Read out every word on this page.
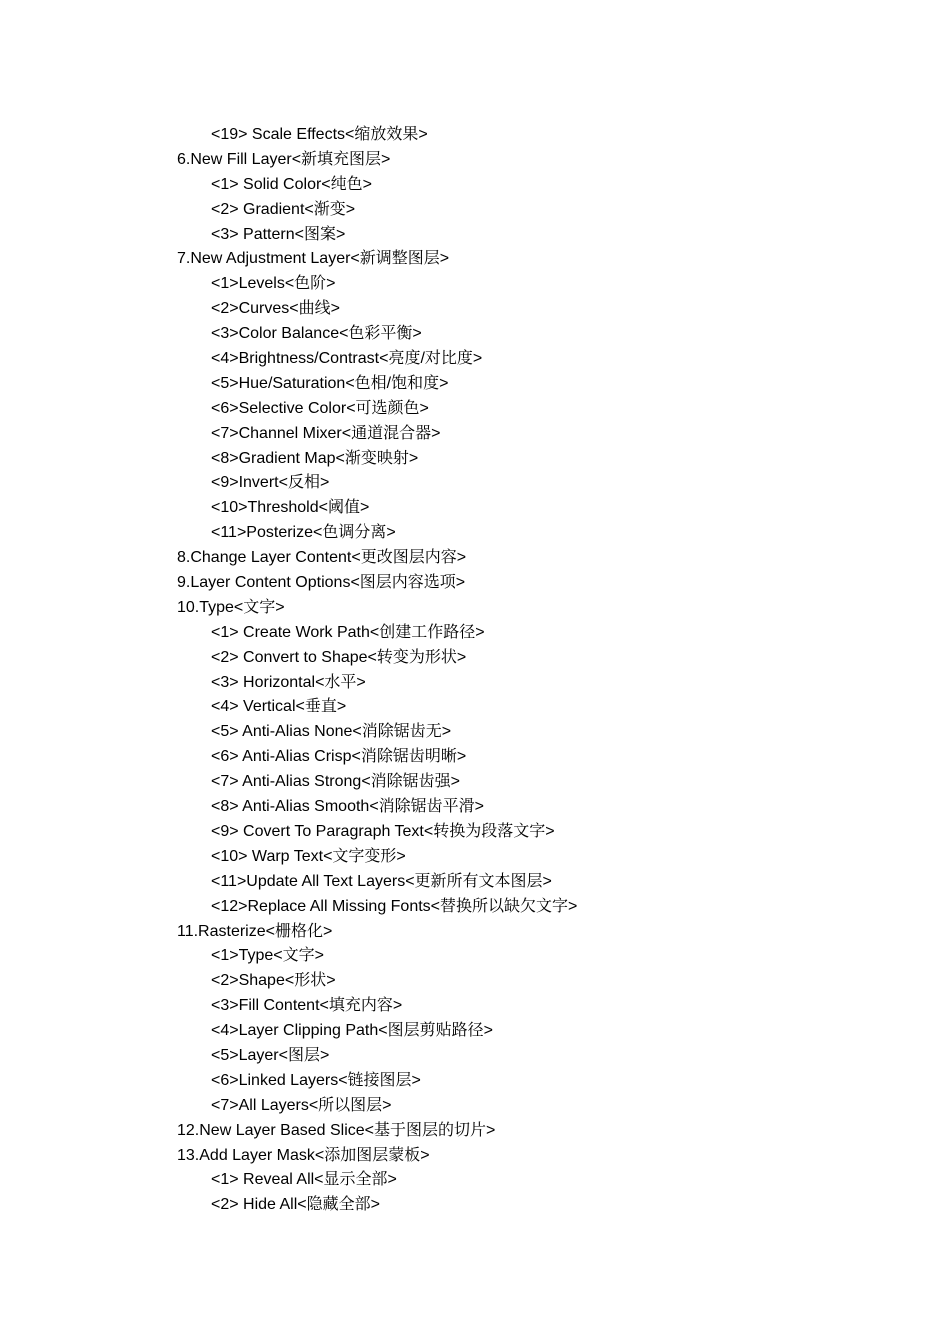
<19> Scale Effects<缩放效果>
6.New Fill Layer<新填充图层>
<1> Solid Color<纯色>
<2> Gradient<渐变>
<3> Pattern<图案>
7.New Adjustment Layer<新调整图层>
<1>Levels<色阶>
<2>Curves<曲线>
<3>Color Balance<色彩平衡>
<4>Brightness/Contrast<亮度/对比度>
<5>Hue/Saturation<色相/饱和度>
<6>Selective Color<可选颜色>
<7>Channel Mixer<通道混合器>
<8>Gradient Map<渐变映射>
<9>Invert<反相>
<10>Threshold<阈值>
<11>Posterize<色调分离>
8.Change Layer Content<更改图层内容>
9.Layer Content Options<图层内容选项>
10.Type<文字>
<1> Create Work Path<创建工作路径>
<2> Convert to Shape<转变为形状>
<3> Horizontal<水平>
<4> Vertical<垂直>
<5> Anti-Alias None<消除锯齿无>
<6> Anti-Alias Crisp<消除锯齿明晰>
<7> Anti-Alias Strong<消除锯齿强>
<8> Anti-Alias Smooth<消除锯齿平滑>
<9> Covert To Paragraph Text<转换为段落文字>
<10> Warp Text<文字变形>
<11>Update All Text Layers<更新所有文本图层>
<12>Replace All Missing Fonts<替换所以缺欠文字>
11.Rasterize<栅格化>
<1>Type<文字>
<2>Shape<形状>
<3>Fill Content<填充内容>
<4>Layer Clipping Path<图层剪贴路径>
<5>Layer<图层>
<6>Linked Layers<链接图层>
<7>All Layers<所以图层>
12.New Layer Based Slice<基于图层的切片>
13.Add Layer Mask<添加图层蒙板>
<1> Reveal All<显示全部>
<2> Hide All<隐藏全部>
